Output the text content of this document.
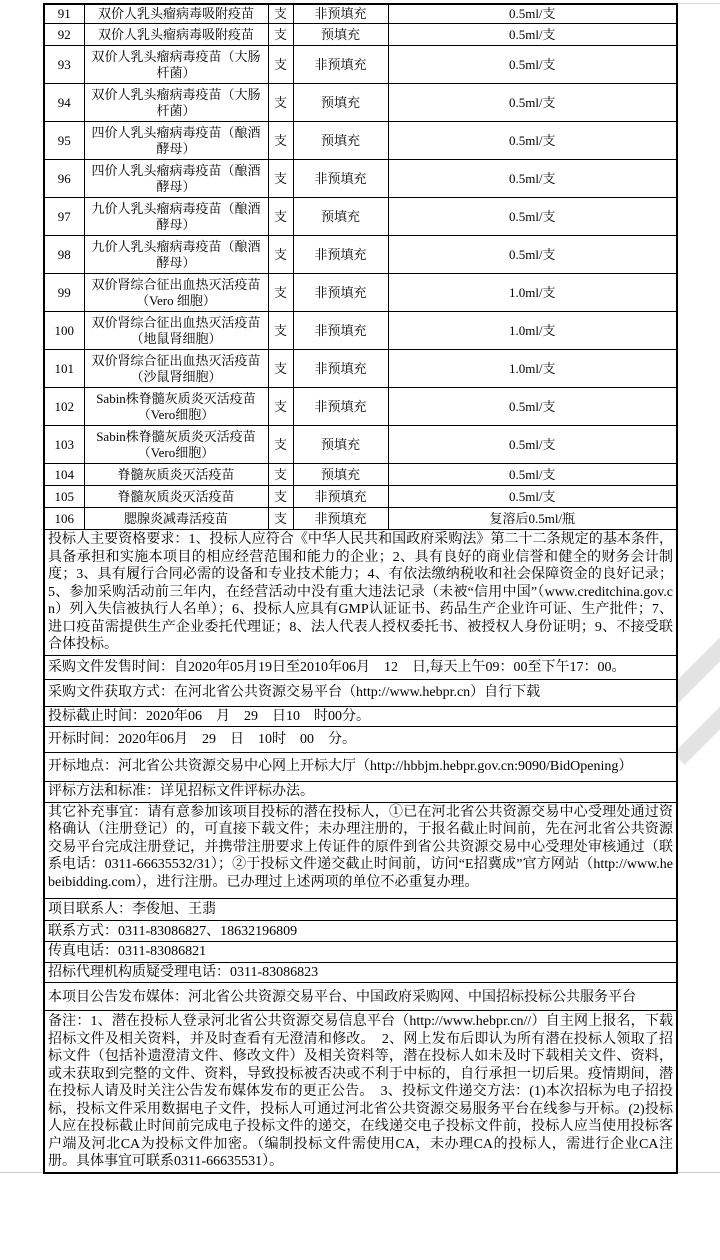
91	双价人乳头瘤病毒吸附疫苗	支	非预填充	0.5ml/支
92	双价人乳头瘤病毒吸附疫苗	支	预填充	0.5ml/支
93	双价人乳头瘤病毒疫苗（大肠杆菌）	支	非预填充	0.5ml/支
94	双价人乳头瘤病毒疫苗（大肠杆菌）	支	预填充	0.5ml/支
95	四价人乳头瘤病毒疫苗（酿酒酵母）	支	预填充	0.5ml/支
96	四价人乳头瘤病毒疫苗（酿酒酵母）	支	非预填充	0.5ml/支
97	九价人乳头瘤病毒疫苗（酿酒酵母）	支	预填充	0.5ml/支
98	九价人乳头瘤病毒疫苗（酿酒酵母）	支	非预填充	0.5ml/支
99	双价肾综合征出血热灭活疫苗（Vero 细胞）	支	非预填充	1.0ml/支
100	双价肾综合征出血热灭活疫苗（地鼠肾细胞）	支	非预填充	1.0ml/支
101	双价肾综合征出血热灭活疫苗（沙鼠肾细胞）	支	非预填充	1.0ml/支
102	Sabin株脊髓灰质炎灭活疫苗（Vero细胞）	支	非预填充	0.5ml/支
103	Sabin株脊髓灰质炎灭活疫苗（Vero细胞）	支	预填充	0.5ml/支
104	脊髓灰质炎灭活疫苗	支	预填充	0.5ml/支
105	脊髓灰质炎灭活疫苗	支	非预填充	0.5ml/支
106	腮腺炎减毒活疫苗	支	非预填充	复溶后0.5ml/瓶
投标人主要资格要求：1、投标人应符合《中华人民共和国政府采购法》第二十二条规定的基本条件，具备承担和实施本项目的相应经营范围和能力的企业；2、具有良好的商业信誉和健全的财务会计制度；3、具有履行合同必需的设备和专业技术能力；4、有依法缴纳税收和社会保障资金的良好记录；5、参加采购活动前三年内，在经营活动中没有重大违法记录（未被“信用中国”（www.creditchina.gov.cn）列入失信被执行人名单）；6、投标人应具有GMP认证证书、药品生产企业许可证、生产批件；7、进口疫苗需提供生产企业委托代理证；8、法人代表人授权委托书、被授权人身份证明；9、不接受联合体投标。				
采购文件发售时间：自2020年05月19日至2010年06月　12　日,每天上午09：00至下午17：00。				
采购文件获取方式：在河北省公共资源交易平台（http://www.hebpr.cn）自行下载				
投标截止时间：2020年06　月　29　日10　时00分。				
开标时间：2020年06月　29　日　10时　00　分。				
开标地点：河北省公共资源交易中心网上开标大厅（http://hbbjm.hebpr.gov.cn:9090/BidOpening）				
评标方法和标准：详见招标文件评标办法。				
其它补充事宜：请有意参加该项目投标的潜在投标人，①已在河北省公共资源交易中心受理处通过资格确认（注册登记）的，可直接下载文件；未办理注册的，于报名截止时间前，先在河北省公共资源交易平台完成注册登记，并携带注册要求上传证件的原件到省公共资源交易中心受理处审核通过（联系电话：0311-66635532/31）；②于投标文件递交截止时间前，访问“E招冀成”官方网站（http://www.hebeibidding.com），进行注册。已办理过上述两项的单位不必重复办理。				
项目联系人：李俊旭、王翡				
联系方式：0311-83086827、18632196809				
传真电话：0311-83086821				
招标代理机构质疑受理电话：0311-83086823				
本项目公告发布媒体：河北省公共资源交易平台、中国政府采购网、中国招标投标公共服务平台				
备注：1、潜在投标人登录河北省公共资源交易信息平台（http://www.hebpr.cn//）自主网上报名，下载招标文件及相关资料，并及时查看有无澄清和修改。　2、网上发布后即认为所有潜在投标人领取了招标文件（包括补遗澄清文件、修改文件）及相关资料等，潜在投标人如未及时下载相关文件、资料，或未获取到完整的文件、资料，导致投标被否决或不利于中标的，自行承担一切后果。疫情期间，潜在投标人请及时关注公告发布媒体发布的更正公告。　3、投标文件递交方法：(1)本次招标为电子招投标，投标文件采用数据电子文件，投标人可通过河北省公共资源交易服务平台在线参与开标。(2)投标人应在投标截止时间前完成电子投标文件的递交，在线递交电子投标文件前，投标人应当使用投标客户端及河北CA为投标文件加密。（编制投标文件需使用CA，未办理CA的投标人，需进行企业CA注册。具体事宜可联系0311-66635531）。				
